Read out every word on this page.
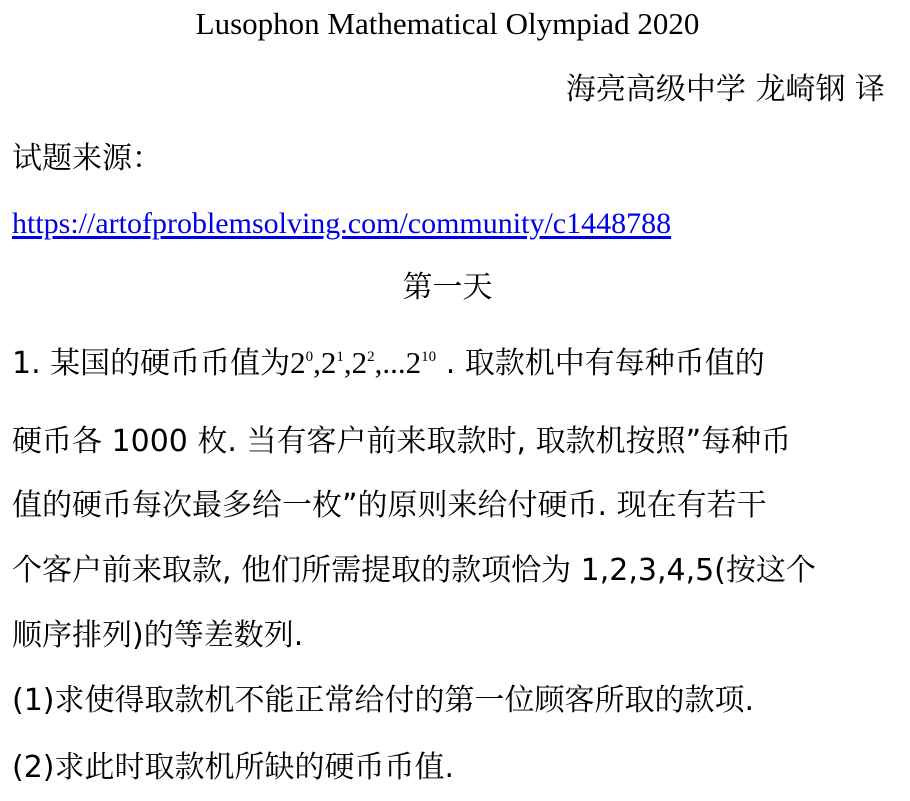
Lusophon Mathematical Olympiad 2020
海亮高级中学 龙崎钢 译
试题来源：
https://artofproblemsolving.com/community/c1448788
第一天
1. 某国的硬币币值为$2^0,2^1,2^2,...2^{10}$ . 取款机中有每种币值的
硬币各 1000 枚. 当有客户前来取款时, 取款机按照”每种币
值的硬币每次最多给一枚”的原则来给付硬币. 现在有若干
个客户前来取款, 他们所需提取的款项恰为 1,2,3,4,5(按这个
顺序排列)的等差数列.
(1)求使得取款机不能正常给付的第一位顾客所取的款项.
(2)求此时取款机所缺的硬币币值.
